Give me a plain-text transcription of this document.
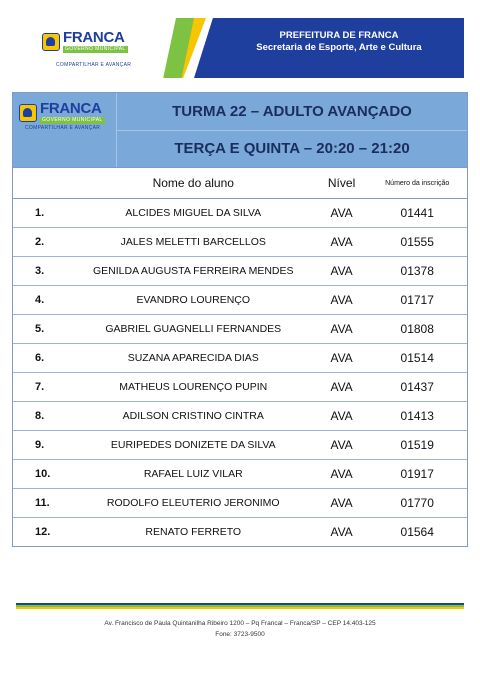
FRANCA
GOVERNO MUNICIPAL
COMPARTILHAR E AVANÇAR
PREFEITURA DE FRANCA
Secretaria de Esporte, Arte e Cultura
FRANCA
GOVERNO MUNICIPAL
COMPARTILHAR E AVANÇAR
TURMA 22 – ADULTO AVANÇADO
TERÇA E QUINTA – 20:20 – 21:20
Nome do aluno	Nível	Número da inscrição
1.	ALCIDES MIGUEL DA SILVA	AVA	01441
2.	JALES MELETTI BARCELLOS	AVA	01555
3.	GENILDA AUGUSTA FERREIRA MENDES	AVA	01378
4.	EVANDRO LOURENÇO	AVA	01717
5.	GABRIEL GUAGNELLI FERNANDES	AVA	01808
6.	SUZANA APARECIDA DIAS	AVA	01514
7.	MATHEUS LOURENÇO PUPIN	AVA	01437
8.	ADILSON CRISTINO CINTRA	AVA	01413
9.	EURIPEDES DONIZETE DA SILVA	AVA	01519
10.	RAFAEL LUIZ VILAR	AVA	01917
11.	RODOLFO ELEUTERIO JERONIMO	AVA	01770
12.	RENATO FERRETO	AVA	01564
Av. Francisco de Paula Quintanilha Ribeiro 1200 – Pq Francal – Franca/SP – CEP 14.403-125
Fone: 3723-9500
